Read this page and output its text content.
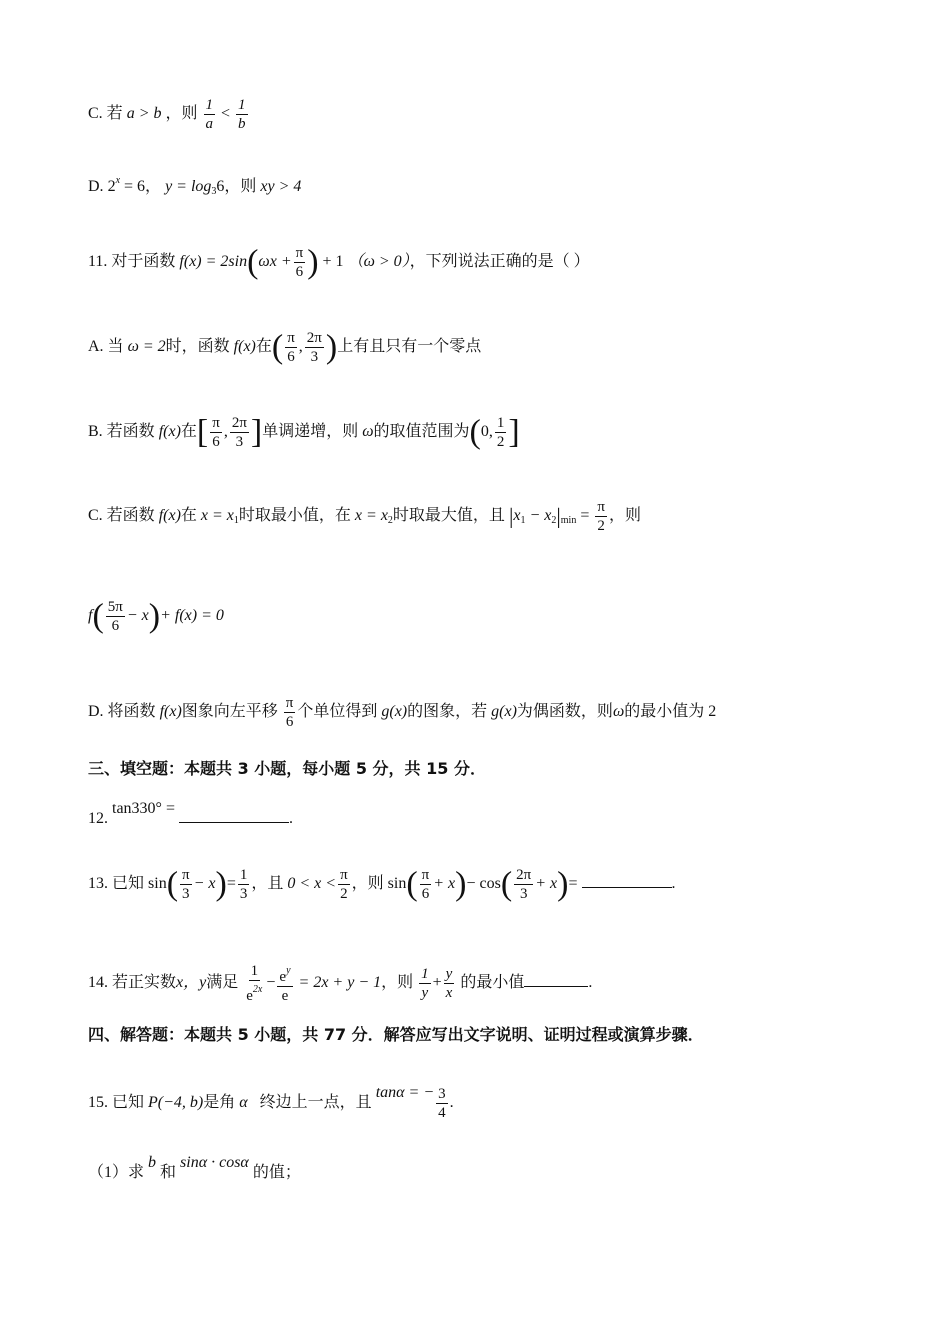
C. 若 a > b ，则 $\frac{1}{a} < \frac{1}{b}$
D. $2^x = 6$， $y = \log_36$，则 xy > 4
11. 对于函数 $f(x) = 2\sin(\omega x + \frac{\pi}{6}$ ) + 1 （ω > 0），下列说法正确的是（ ）
A. 当 ω = 2时，函数 f(x)在( $\frac{\pi}{6}$ , $\frac{2\pi}{3}$ )上有且只有一个零点
B. 若函数 f(x)在[ $\frac{\pi}{6}$ , $\frac{2\pi}{3}$ ]单调递增，则 ω的取值范围为(0, $\frac{1}{2}$ ]
C. 若函数 f(x)在 $x = x_1$时取最小值，在 $x = x_2$时取最大值，且 $|x_1 - x_2|_{min} = \frac{\pi}{2}$ ，则
$f( \frac{5\pi}{6} - x)+ f(x) = 0$
D. 将函数 f(x)图象向左平移 $\frac{\pi}{6}$ 个单位得到 g(x)的图象，若 g(x)为偶函数，则ω的最小值为 2
三、填空题：本题共 3 小题，每小题 5 分，共 15 分．
12. tan330° = .
13. 已知 $\sin( \frac{\pi}{3} - x)= \frac{1}{3}$ ，且 $0 < x < \frac{\pi}{2}$ ，则 $\sin( \frac{\pi}{6} + x)- \cos( \frac{2\pi}{3} + x)=$	.
14. 若正实数x，y满足 $\frac{1}{e^{2x}} - \frac{e^y}{e} = 2x + y - 1$，则 $\frac{1}{y} + \frac{y}{x}$ 的最小值	.
四、解答题：本题共 5 小题，共 77 分．解答应写出文字说明、证明过程或演算步骤．
15. 已知 P(−4, b)是角 α 终边上一点，且 tanα = − $\frac{3}{4}$ .
（1）求 b 和 sinα · cosα 的值；
